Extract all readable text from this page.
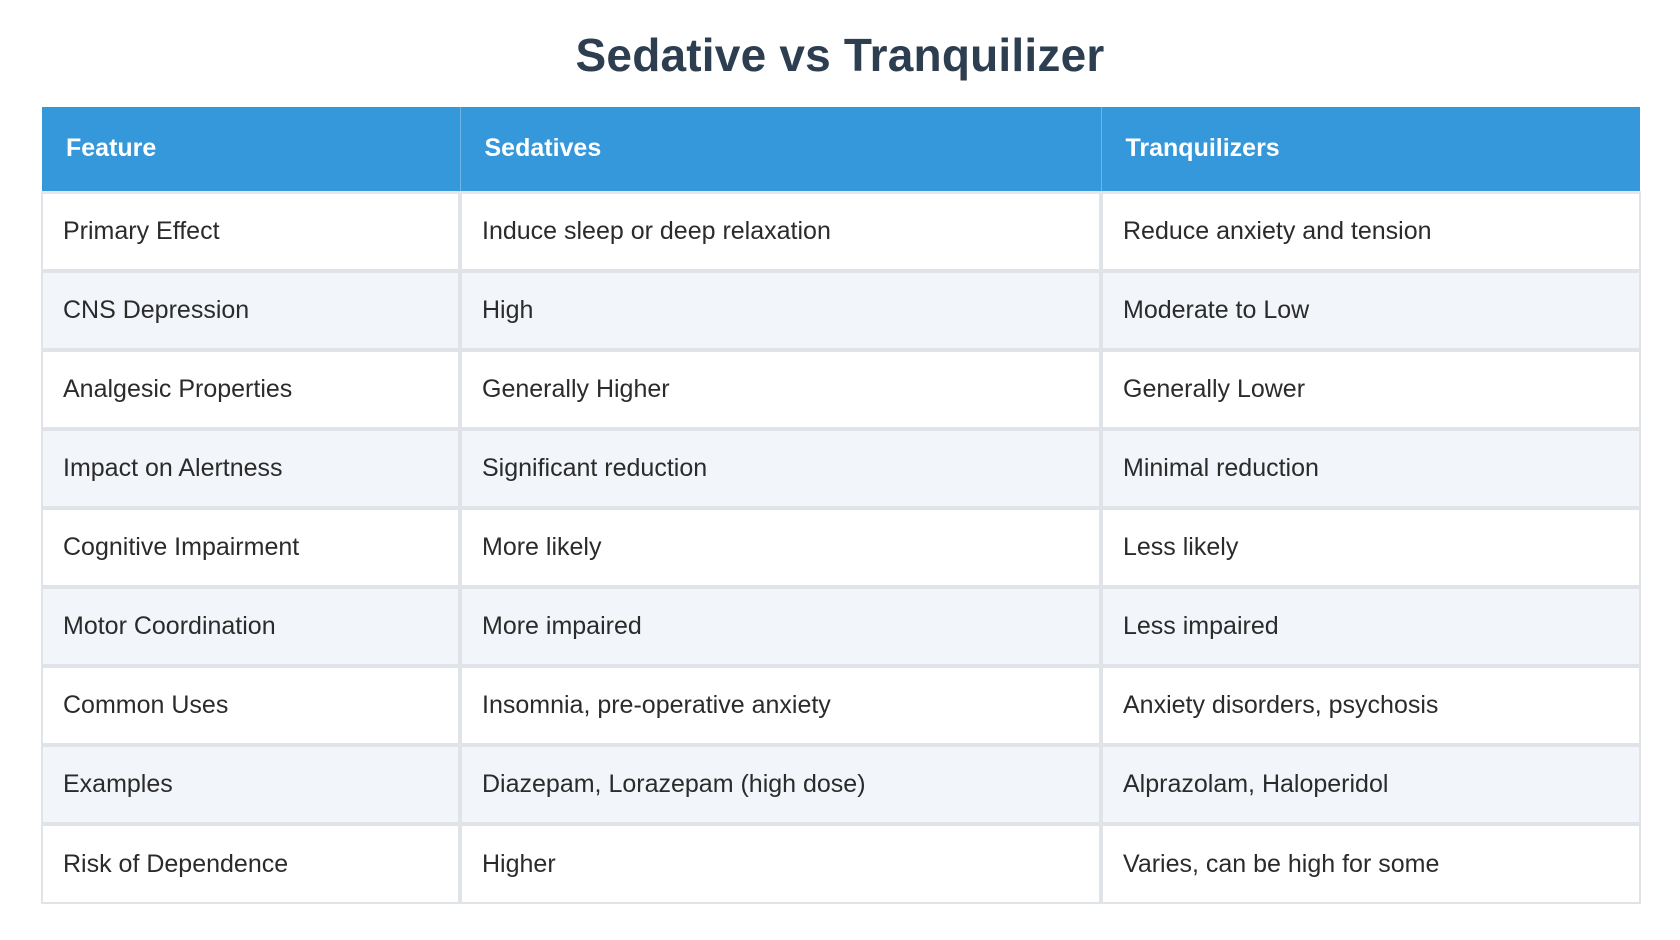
Sedative vs Tranquilizer
Feature	Sedatives	Tranquilizers
Primary Effect	Induce sleep or deep relaxation	Reduce anxiety and tension
CNS Depression	High	Moderate to Low
Analgesic Properties	Generally Higher	Generally Lower
Impact on Alertness	Significant reduction	Minimal reduction
Cognitive Impairment	More likely	Less likely
Motor Coordination	More impaired	Less impaired
Common Uses	Insomnia, pre-operative anxiety	Anxiety disorders, psychosis
Examples	Diazepam, Lorazepam (high dose)	Alprazolam, Haloperidol
Risk of Dependence	Higher	Varies, can be high for some
